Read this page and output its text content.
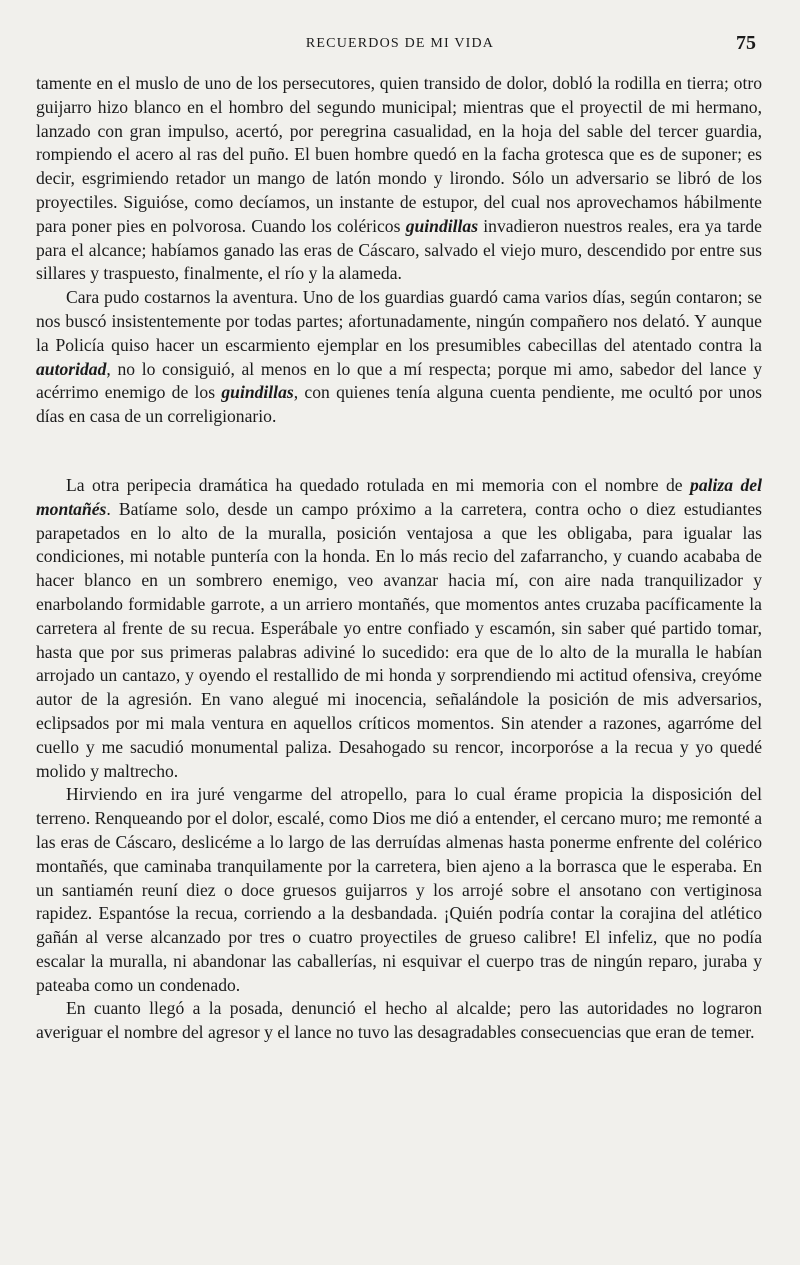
RECUERDOS DE MI VIDA	75

tamente en el muslo de uno de los persecutores, quien transido de dolor, dobló la rodilla en tierra; otro guijarro hizo blanco en el hombro del segundo municipal; mientras que el proyectil de mi hermano, lanzado con gran impulso, acertó, por peregrina casualidad, en la hoja del sable del tercer guardia, rompiendo el acero al ras del puño. El buen hombre quedó en la facha grotesca que es de suponer; es decir, esgrimiendo retador un mango de latón mondo y lirondo. Sólo un adversario se libró de los proyectiles. Siguióse, como decíamos, un instante de estupor, del cual nos aprovechamos hábilmente para poner pies en polvorosa. Cuando los coléricos guindillas invadieron nuestros reales, era ya tarde para el alcance; habíamos ganado las eras de Cáscaro, salvado el viejo muro, descendido por entre sus sillares y traspuesto, finalmente, el río y la alameda.

Cara pudo costarnos la aventura. Uno de los guardias guardó cama varios días, según contaron; se nos buscó insistentemente por todas partes; afortunadamente, ningún compañero nos delató. Y aunque la Policía quiso hacer un escarmiento ejemplar en los presumibles cabecillas del atentado contra la autoridad, no lo consiguió, al menos en lo que a mí respecta; porque mi amo, sabedor del lance y acérrimo enemigo de los guindillas, con quienes tenía alguna cuenta pendiente, me ocultó por unos días en casa de un correligionario.

La otra peripecia dramática ha quedado rotulada en mi memoria con el nombre de paliza del montañés. Batíame solo, desde un campo próximo a la carretera, contra ocho o diez estudiantes parapetados en lo alto de la muralla, posición ventajosa a que les obligaba, para igualar las condiciones, mi notable puntería con la honda. En lo más recio del zafarrancho, y cuando acababa de hacer blanco en un sombrero enemigo, veo avanzar hacia mí, con aire nada tranquilizador y enarbolando formidable garrote, a un arriero montañés, que momentos antes cruzaba pacíficamente la carretera al frente de su recua. Esperábale yo entre confiado y escamón, sin saber qué partido tomar, hasta que por sus primeras palabras adiviné lo sucedido: era que de lo alto de la muralla le habían arrojado un cantazo, y oyendo el restallido de mi honda y sorprendiendo mi actitud ofensiva, creyóme autor de la agresión. En vano alegué mi inocencia, señalándole la posición de mis adversarios, eclipsados por mi mala ventura en aquellos críticos momentos. Sin atender a razones, agarróme del cuello y me sacudió monumental paliza. Desahogado su rencor, incorporóse a la recua y yo quedé molido y maltrecho.

Hirviendo en ira juré vengarme del atropello, para lo cual érame propicia la disposición del terreno. Renqueando por el dolor, escalé, como Dios me dió a entender, el cercano muro; me remonté a las eras de Cáscaro, deslicéme a lo largo de las derruídas almenas hasta ponerme enfrente del colérico montañés, que caminaba tranquilamente por la carretera, bien ajeno a la borrasca que le esperaba. En un santiamén reuní diez o doce gruesos guijarros y los arrojé sobre el ansotano con vertiginosa rapidez. Espantóse la recua, corriendo a la desbandada. ¡Quién podría contar la corajina del atlético gañán al verse alcanzado por tres o cuatro proyectiles de grueso calibre! El infeliz, que no podía escalar la muralla, ni abandonar las caballerías, ni esquivar el cuerpo tras de ningún reparo, juraba y pateaba como un condenado.

En cuanto llegó a la posada, denunció el hecho al alcalde; pero las autoridades no lograron averiguar el nombre del agresor y el lance no tuvo las desagradables consecuencias que eran de temer.
